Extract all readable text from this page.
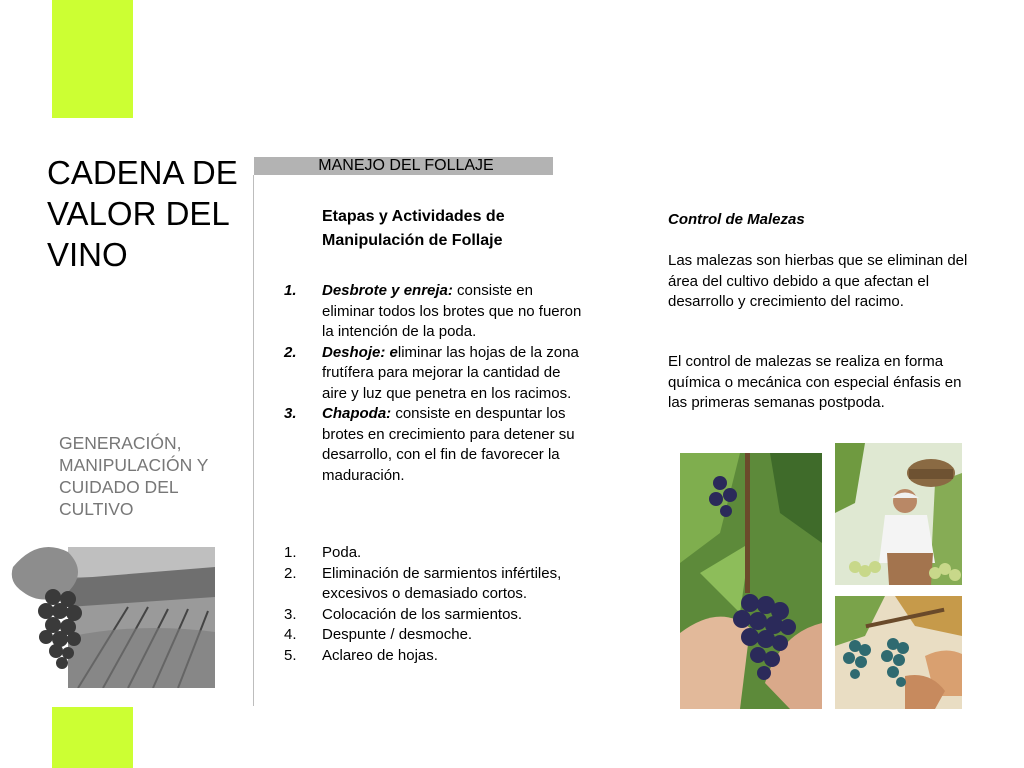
CADENA DE VALOR DEL VINO
GENERACIÓN, MANIPULACIÓN Y CUIDADO DEL CULTIVO
MANEJO DEL FOLLAJE
Etapas y Actividades de Manipulación de Follaje
1. Desbrote y enreja: consiste en eliminar todos los brotes que no fueron la intención de la poda.
2. Deshoje: eliminar las hojas de la zona frutífera para mejorar la cantidad de aire y luz que penetra en los racimos.
3. Chapoda: consiste en despuntar los brotes en crecimiento para detener su desarrollo, con el fin de favorecer la maduración.
1. Poda.
2. Eliminación de sarmientos infértiles, excesivos o demasiado cortos.
3. Colocación de los sarmientos.
4. Despunte / desmoche.
5. Aclareo de hojas.
Control de Malezas
Las malezas son hierbas que se eliminan del área del cultivo debido a que afectan el desarrollo y crecimiento del racimo.
El control de malezas se realiza en forma química o mecánica con especial énfasis en las primeras semanas postpoda.
